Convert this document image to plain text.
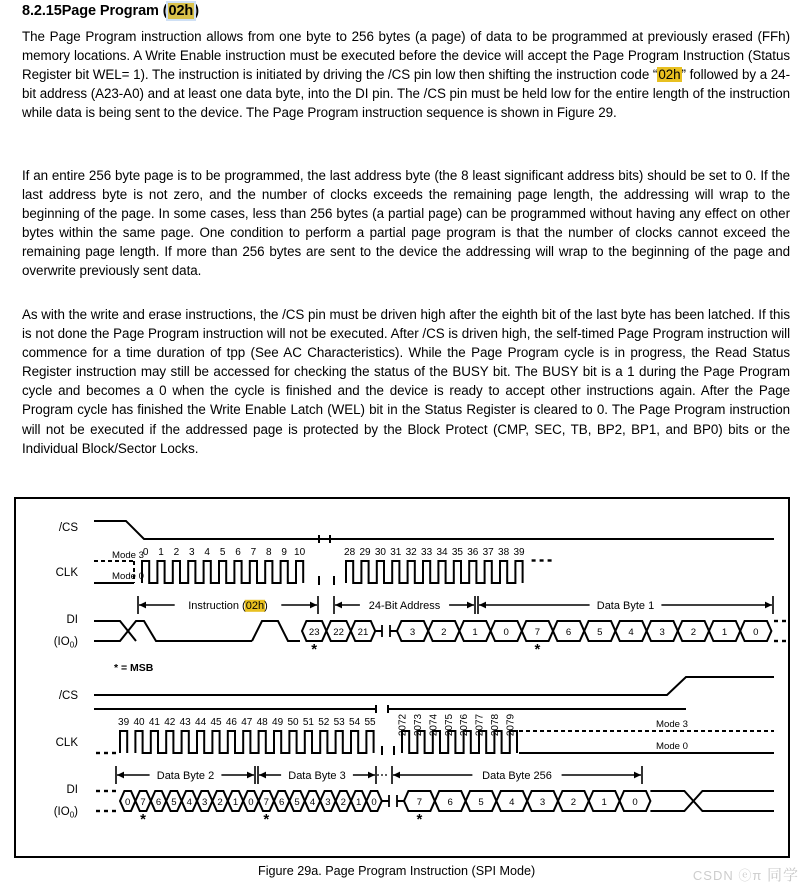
8.2.15Page Program (02h)
The Page Program instruction allows from one byte to 256 bytes (a page) of data to be programmed at previously erased (FFh) memory locations. A Write Enable instruction must be executed before the device will accept the Page Program Instruction (Status Register bit WEL= 1). The instruction is initiated by driving the /CS pin low then shifting the instruction code “02h” followed by a 24-bit address (A23-A0) and at least one data byte, into the DI pin. The /CS pin must be held low for the entire length of the instruction while data is being sent to the device. The Page Program instruction sequence is shown in Figure 29.
If an entire 256 byte page is to be programmed, the last address byte (the 8 least significant address bits) should be set to 0. If the last address byte is not zero, and the number of clocks exceeds the remaining page length, the addressing will wrap to the beginning of the page. In some cases, less than 256 bytes (a partial page) can be programmed without having any effect on other bytes within the same page. One condition to perform a partial page program is that the number of clocks cannot exceed the remaining page length. If more than 256 bytes are sent to the device the addressing will wrap to the beginning of the page and overwrite previously sent data.
As with the write and erase instructions, the /CS pin must be driven high after the eighth bit of the last byte has been latched. If this is not done the Page Program instruction will not be executed. After /CS is driven high, the self-timed Page Program instruction will commence for a time duration of tpp (See AC Characteristics). While the Page Program cycle is in progress, the Read Status Register instruction may still be accessed for checking the status of the BUSY bit. The BUSY bit is a 1 during the Page Program cycle and becomes a 0 when the cycle is finished and the device is ready to accept other instructions again. After the Page Program cycle has finished the Write Enable Latch (WEL) bit in the Status Register is cleared to 0. The Page Program instruction will not be executed if the addressed page is protected by the Block Protect (CMP, SEC, TB, BP2, BP1, and BP0) bits or the Individual Block/Sector Locks.
0 1 2 3 4 5 6 7 8 9 10	28 29 30 31 32 33 34 35 36 37 38 39
Instruction (02h)	24-Bit Address	Data Byte 1
23
*
22 21	3	2	1	0	7
*
6	5	4	3	2	1	0
/CS
CLK
DI
$(IO_0)$
Mode 3
Mode 0
* = MSB
Mode 3
Mode 0
39 40 41 42 43 44 45 46 47 48 49 50 51 52 53 54 55 2072 2073 2074 2075 2076 2077 2078 2079
Data Byte 2	Data Byte 3	Data Byte 256
0 7 6 5 4 3 2 1 0 7 6 5 4 3 2 1 0
*	*
7
*
6	5	4	3	2	1	0
/CS
CLK
DI
$(IO_0)$
Figure 29a. Page Program Instruction (SPI Mode)	CSDN ⓔπ 同学
